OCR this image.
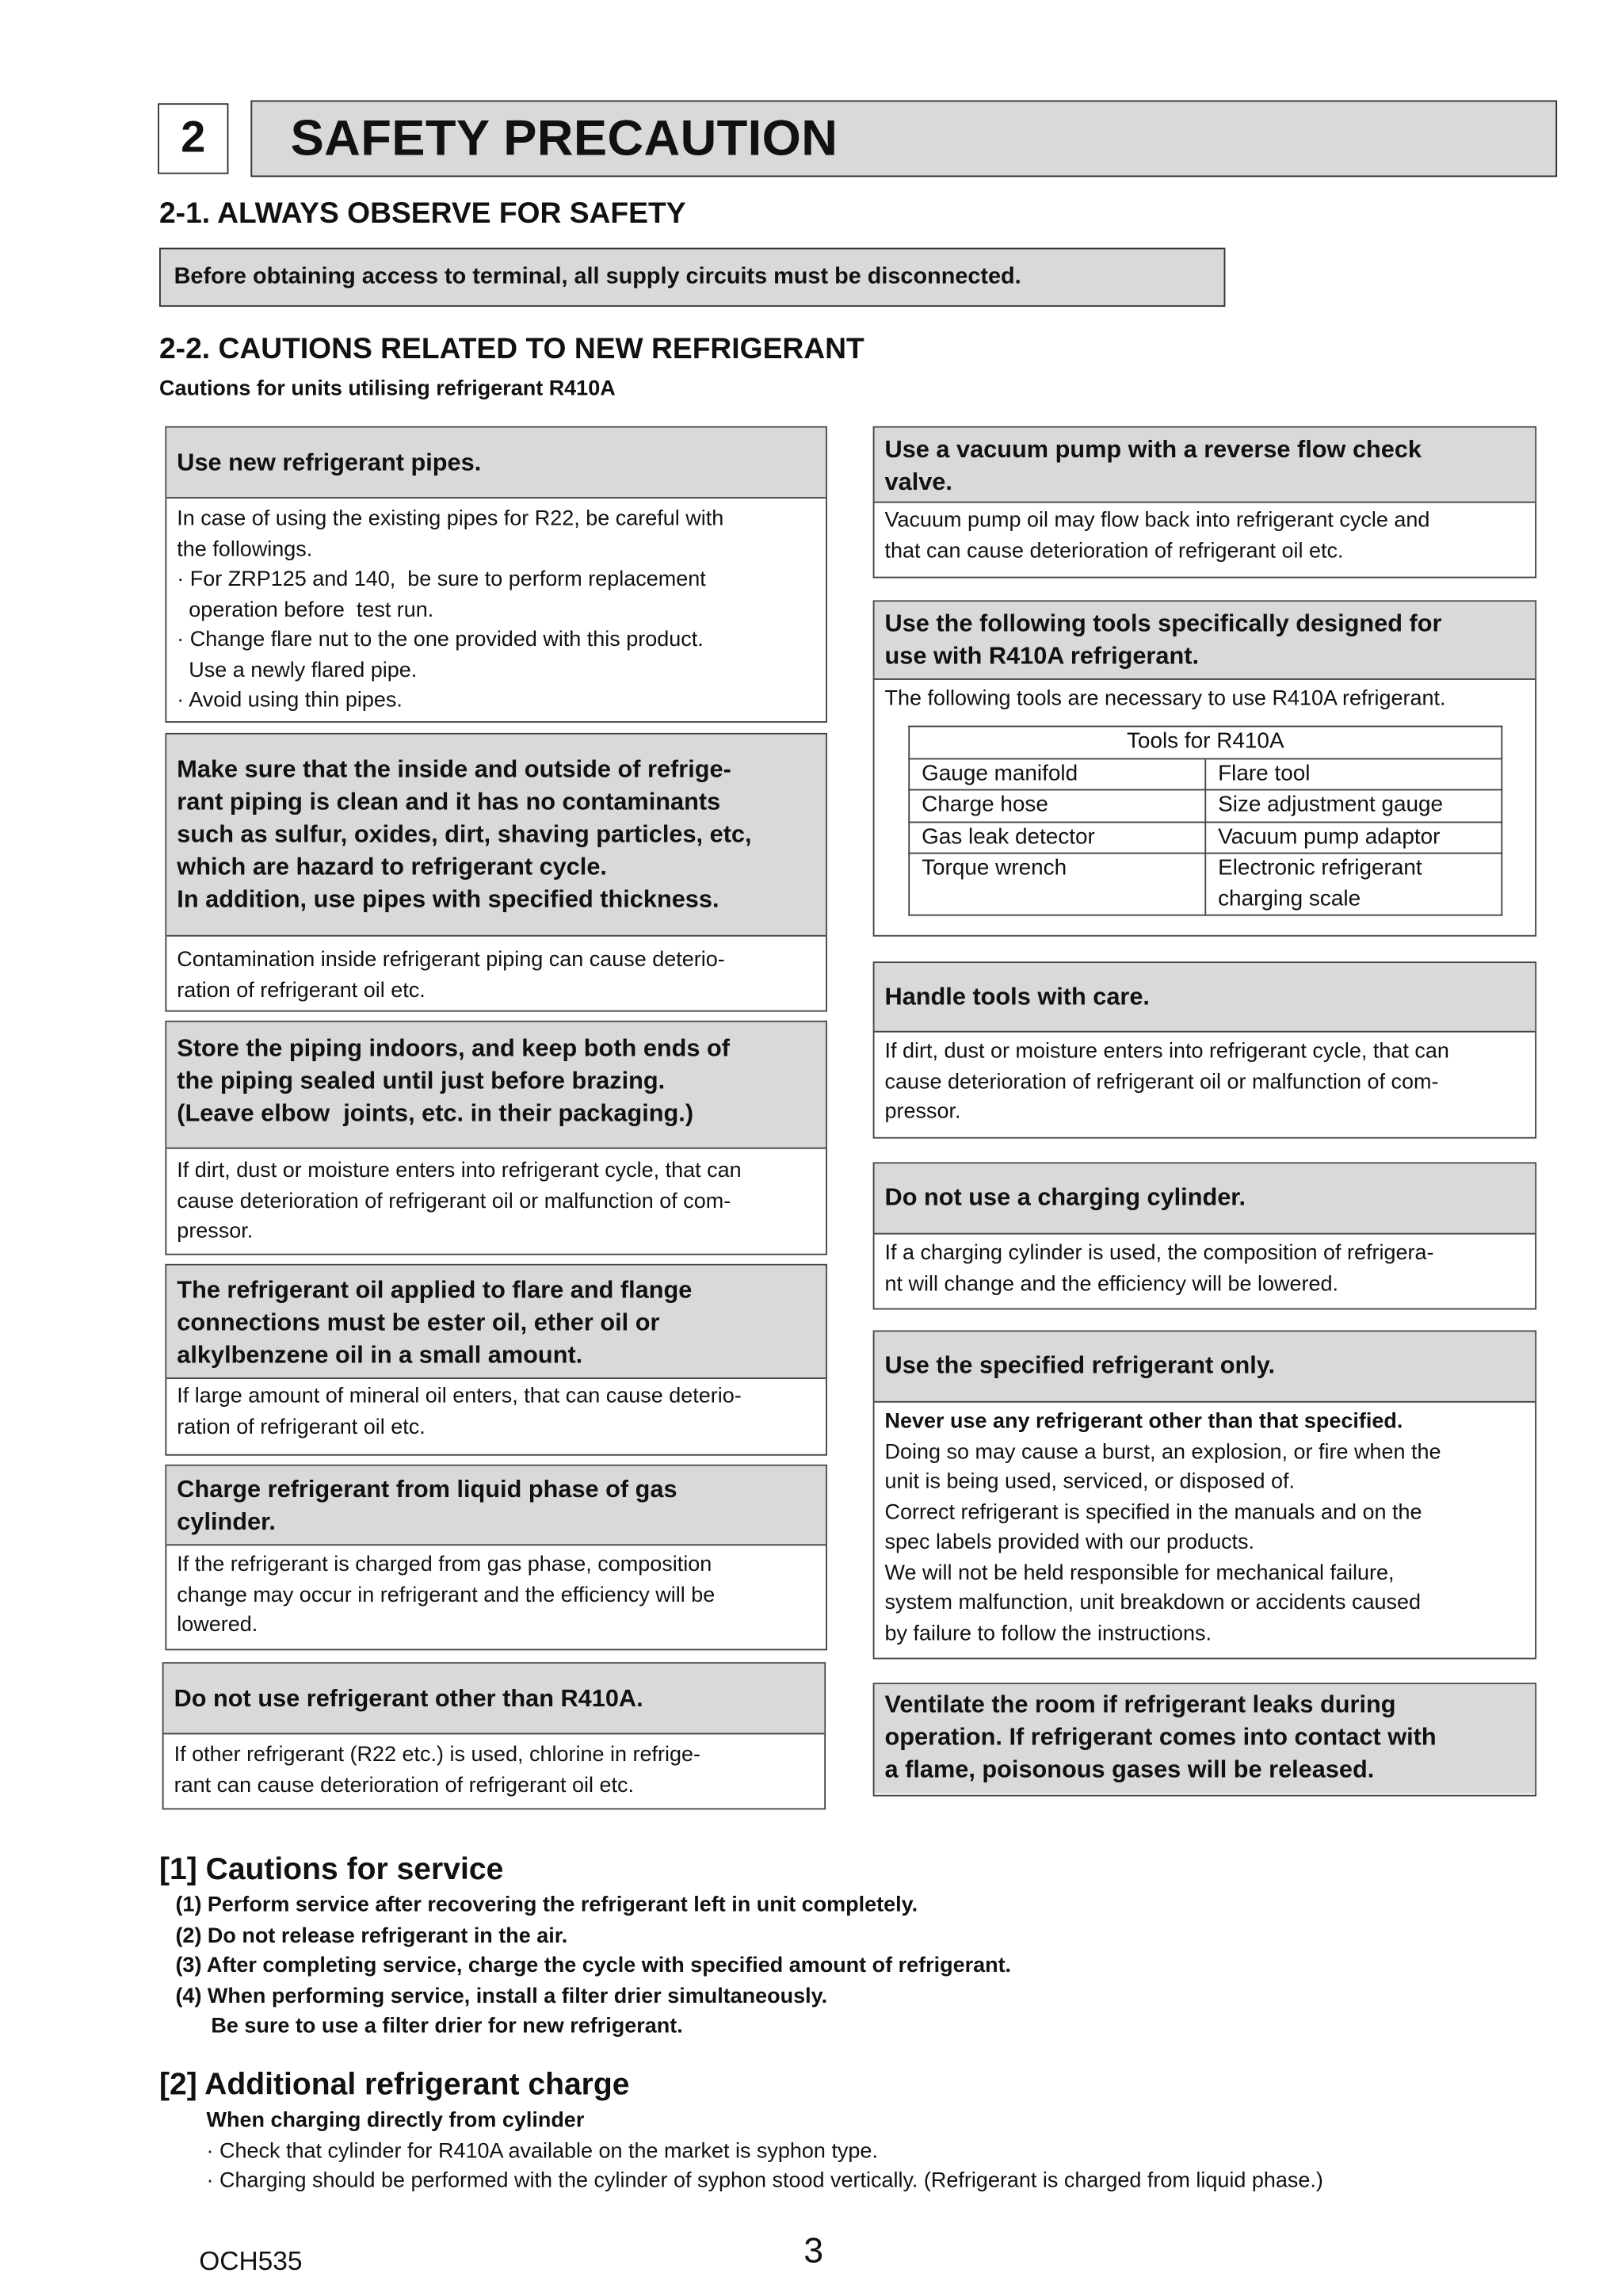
2	SAFETY PRECAUTION
2-1. ALWAYS OBSERVE FOR SAFETY
Before obtaining access to terminal, all supply circuits must be disconnected.
2-2. CAUTIONS RELATED TO NEW REFRIGERANT
Cautions for units utilising refrigerant R410A
Use new refrigerant pipes.
In case of using the existing pipes for R22, be careful with
the followings.
· For ZRP125 and 140,  be sure to perform replacement
operation before  test run.
· Change flare nut to the one provided with this product.
Use a newly flared pipe.
· Avoid using thin pipes.
Make sure that the inside and outside of refrige-
rant piping is clean and it has no contaminants
such as sulfur, oxides, dirt, shaving particles, etc,
which are hazard to refrigerant cycle.
In addition, use pipes with specified thickness.
Contamination inside refrigerant piping can cause deterio-
ration of refrigerant oil etc.
Store the piping indoors, and keep both ends of
the piping sealed until just before brazing.
(Leave elbow  joints, etc. in their packaging.)
If dirt, dust or moisture enters into refrigerant cycle, that can
cause deterioration of refrigerant oil or malfunction of com-
pressor.
The refrigerant oil applied to flare and flange
connections must be ester oil, ether oil or
alkylbenzene oil in a small amount.
If large amount of mineral oil enters, that can cause deterio-
ration of refrigerant oil etc.
Charge refrigerant from liquid phase of gas
cylinder.
If the refrigerant is charged from gas phase, composition
change may occur in refrigerant and the efficiency will be
lowered.
Do not use refrigerant other than R410A.
If other refrigerant (R22 etc.) is used, chlorine in refrige-
rant can cause deterioration of refrigerant oil etc.
Use a vacuum pump with a reverse flow check
valve.
Vacuum pump oil may flow back into refrigerant cycle and
that can cause deterioration of refrigerant oil etc.
Use the following tools specifically designed for
use with R410A refrigerant.
The following tools are necessary to use R410A refrigerant.
Tools for R410A	
Gauge manifold	Flare tool
Charge hose	Size adjustment gauge
Gas leak detector	Vacuum pump adaptor
Torque wrench	Electronic refrigerant
charging scale
Handle tools with care.
If dirt, dust or moisture enters into refrigerant cycle, that can
cause deterioration of refrigerant oil or malfunction of com-
pressor.
Do not use a charging cylinder.
If a charging cylinder is used, the composition of refrigera-
nt will change and the efficiency will be lowered.
Use the specified refrigerant only.
Never use any refrigerant other than that specified.
Doing so may cause a burst, an explosion, or fire when the
unit is being used, serviced, or disposed of.
Correct refrigerant is specified in the manuals and on the
spec labels provided with our products.
We will not be held responsible for mechanical failure,
system malfunction, unit breakdown or accidents caused
by failure to follow the instructions.
Ventilate the room if refrigerant leaks during
operation. If refrigerant comes into contact with
a flame, poisonous gases will be released.
[1] Cautions for service
(1) Perform service after recovering the refrigerant left in unit completely.
(2) Do not release refrigerant in the air.
(3) After completing service, charge the cycle with specified amount of refrigerant.
(4) When performing service, install a filter drier simultaneously.
Be sure to use a filter drier for new refrigerant.
[2] Additional refrigerant charge
When charging directly from cylinder
· Check that cylinder for R410A available on the market is syphon type.
· Charging should be performed with the cylinder of syphon stood vertically. (Refrigerant is charged from liquid phase.)
OCH535	3
